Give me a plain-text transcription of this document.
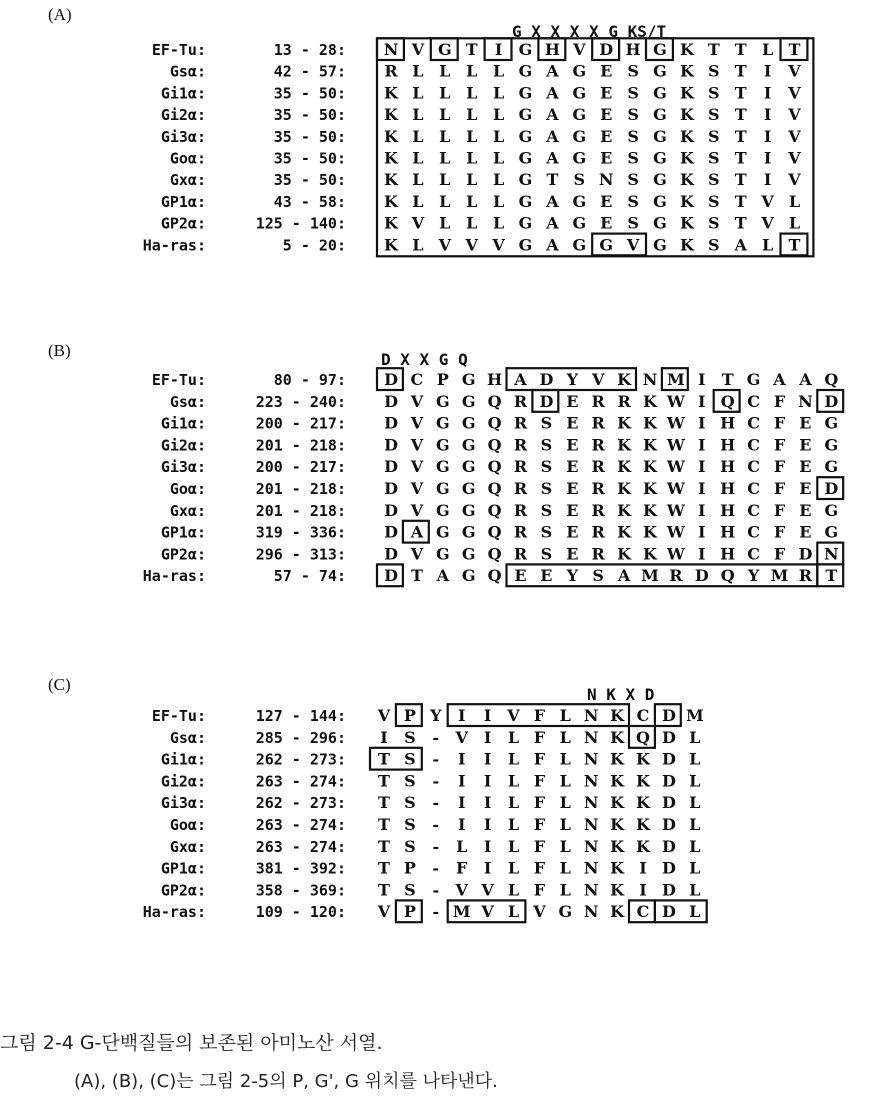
(A)
G X X X X G KS/T
EF-Tu:	13 - 28: N V G T I G H V D H G K T T L T
Gsα:	42 - 57: R L L L L G A G E S G K S T I V
Gi1α:	35 - 50: K L L L L G A G E S G K S T I V
Gi2α:	35 - 50: K L L L L G A G E S G K S T I V
Gi3α:	35 - 50: K L L L L G A G E S G K S T I V
Goα:	35 - 50: K L L L L G A G E S G K S T I V
Gxα:	35 - 50: K L L L L G T S N S G K S T I V
GP1α:	43 - 58: K L L L L G A G E S G K S T V L
GP2α:	125 - 140: K V L L L G A G E S G K S T V L
Ha-ras:	5 - 20: K L V V V G A G G V G K S A L T
(B)	D X X G Q
EF-Tu:	80 - 97: D C P G H A D Y V K N M I T G A A Q
Gsα:	223 - 240: D V G G Q R D E R R K W I Q C F N D
Gi1α:	200 - 217: D V G G Q R S E R K K W I H C F E G
Gi2α:	201 - 218: D V G G Q R S E R K K W I H C F E G
Gi3α:	200 - 217: D V G G Q R S E R K K W I H C F E G
Goα:	201 - 218: D V G G Q R S E R K K W I H C F E D
Gxα:	201 - 218: D V G G Q R S E R K K W I H C F E G
GP1α:	319 - 336: D A G G Q R S E R K K W I H C F E G
GP2α:	296 - 313: D V G G Q R S E R K K W I H C F D N
Ha-ras:	57 - 74: D T A G Q E E Y S A M R D Q Y M R T
(C)
N K X D
EF-Tu:	127 - 144: V P Y I I V F L N K C D M
Gsα:	285 - 296: I S - V I L F L N K Q D L
Gi1α:	262 - 273: T S - I I L F L N K K D L
Gi2α:	263 - 274: T S - I I L F L N K K D L
Gi3α:	262 - 273: T S - I I L F L N K K D L
Goα:	263 - 274: T S - I I L F L N K K D L
Gxα:	263 - 274: T S - L I L F L N K K D L
GP1α:	381 - 392: T P - F I L F L N K I D L
GP2α:	358 - 369: T S - V V L F L N K I D L
Ha-ras:	109 - 120: V P - M V L V G N K C D L
그림 2-4 G-단백질들의 보존된 아미노산 서열.
(A), (B), (C)는 그림 2-5의 P, G', G 위치를 나타낸다.
